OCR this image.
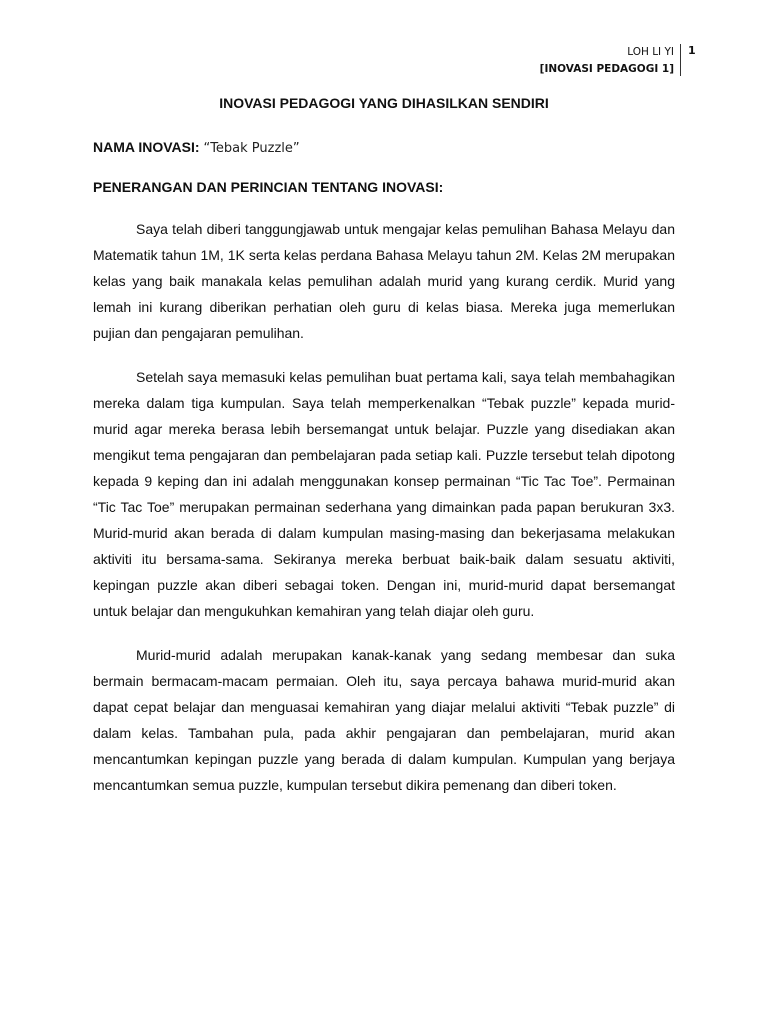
LOH LI YI
[INOVASI PEDAGOGI 1]
1
INOVASI PEDAGOGI YANG DIHASILKAN SENDIRI
NAMA INOVASI: “Tebak Puzzle”
PENERANGAN DAN PERINCIAN TENTANG INOVASI:

Saya telah diberi tanggungjawab untuk mengajar kelas pemulihan Bahasa Melayu dan Matematik tahun 1M, 1K serta kelas perdana Bahasa Melayu tahun 2M. Kelas 2M merupakan kelas yang baik manakala kelas pemulihan adalah murid yang kurang cerdik. Murid yang lemah ini kurang diberikan perhatian oleh guru di kelas biasa. Mereka juga memerlukan pujian dan pengajaran pemulihan.

Setelah saya memasuki kelas pemulihan buat pertama kali, saya telah membahagikan mereka dalam tiga kumpulan. Saya telah memperkenalkan “Tebak puzzle” kepada murid-murid agar mereka berasa lebih bersemangat untuk belajar. Puzzle yang disediakan akan mengikut tema pengajaran dan pembelajaran pada setiap kali. Puzzle tersebut telah dipotong kepada 9 keping dan ini adalah menggunakan konsep permainan “Tic Tac Toe”. Permainan “Tic Tac Toe” merupakan permainan sederhana yang dimainkan pada papan berukuran 3x3. Murid-murid akan berada di dalam kumpulan masing-masing dan bekerjasama melakukan aktiviti itu bersama-sama. Sekiranya mereka berbuat baik-baik dalam sesuatu aktiviti, kepingan puzzle akan diberi sebagai token. Dengan ini, murid-murid dapat bersemangat untuk belajar dan mengukuhkan kemahiran yang telah diajar oleh guru.

Murid-murid adalah merupakan kanak-kanak yang sedang membesar dan suka bermain bermacam-macam permaian. Oleh itu, saya percaya bahawa murid-murid akan dapat cepat belajar dan menguasai kemahiran yang diajar melalui aktiviti “Tebak puzzle” di dalam kelas. Tambahan pula, pada akhir pengajaran dan pembelajaran, murid akan mencantumkan kepingan puzzle yang berada di dalam kumpulan. Kumpulan yang berjaya mencantumkan semua puzzle, kumpulan tersebut dikira pemenang dan diberi token.
